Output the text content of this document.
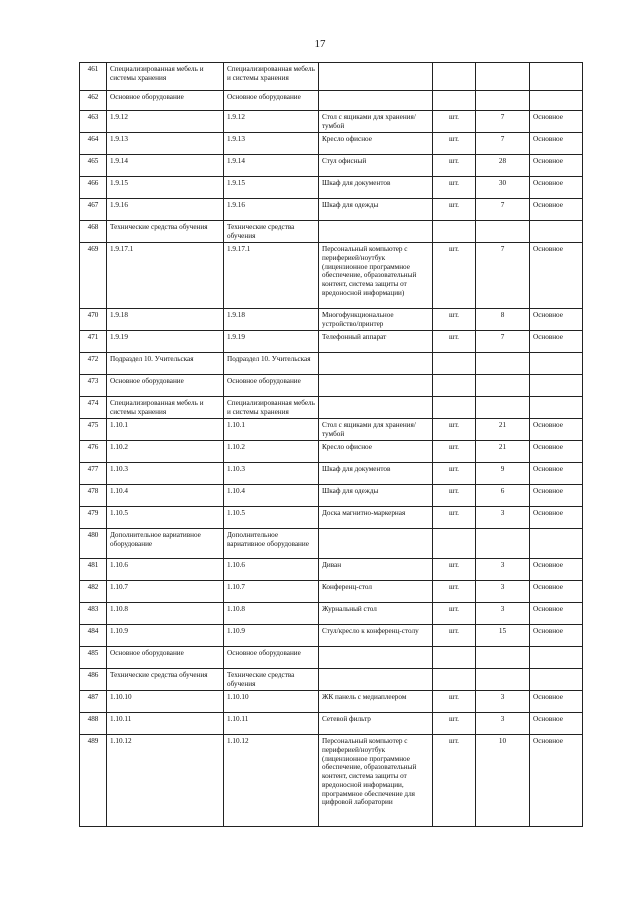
17
461	Специализированная мебель и системы хранения	Специализированная мебель и системы хранения				
462	Основное оборудование	Основное оборудование				
463	1.9.12	1.9.12	Стол с ящиками для хранения/тумбой	шт.	7	Основное
464	1.9.13	1.9.13	Кресло офисное	шт.	7	Основное
465	1.9.14	1.9.14	Стул офисный	шт.	28	Основное
466	1.9.15	1.9.15	Шкаф для документов	шт.	30	Основное
467	1.9.16	1.9.16	Шкаф для одежды	шт.	7	Основное
468	Технические средства обучения	Технические средства обучения				
469	1.9.17.1	1.9.17.1	Персональный компьютер с периферией/ноутбук (лицензионное программное обеспечение, образовательный контент, система защиты от вредоносной информации)	шт.	7	Основное
470	1.9.18	1.9.18	Многофункциональное устройство/принтер	шт.	8	Основное
471	1.9.19	1.9.19	Телефонный аппарат	шт.	7	Основное
472	Подраздел 10. Учительская	Подраздел 10. Учительская				
473	Основное оборудование	Основное оборудование				
474	Специализированная мебель и системы хранения	Специализированная мебель и системы хранения				
475	1.10.1	1.10.1	Стол с ящиками для хранения/тумбой	шт.	21	Основное
476	1.10.2	1.10.2	Кресло офисное	шт.	21	Основное
477	1.10.3	1.10.3	Шкаф для документов	шт.	9	Основное
478	1.10.4	1.10.4	Шкаф для одежды	шт.	6	Основное
479	1.10.5	1.10.5	Доска магнитно-маркерная	шт.	3	Основное
480	Дополнительное вариативное оборудование	Дополнительное вариативное оборудование				
481	1.10.6	1.10.6	Диван	шт.	3	Основное
482	1.10.7	1.10.7	Конференц-стол	шт.	3	Основное
483	1.10.8	1.10.8	Журнальный стол	шт.	3	Основное
484	1.10.9	1.10.9	Стул/кресло к конференц-столу	шт.	15	Основное
485	Основное оборудование	Основное оборудование				
486	Технические средства обучения	Технические средства обучения				
487	1.10.10	1.10.10	ЖК панель с медиаплеером	шт.	3	Основное
488	1.10.11	1.10.11	Сетевой фильтр	шт.	3	Основное
489	1.10.12	1.10.12	Персональный компьютер с периферией/ноутбук (лицензионное программное обеспечение, образовательный контент, система защиты от вредоносной информации, программное обеспечение для цифровой лаборатории	шт.	10	Основное
